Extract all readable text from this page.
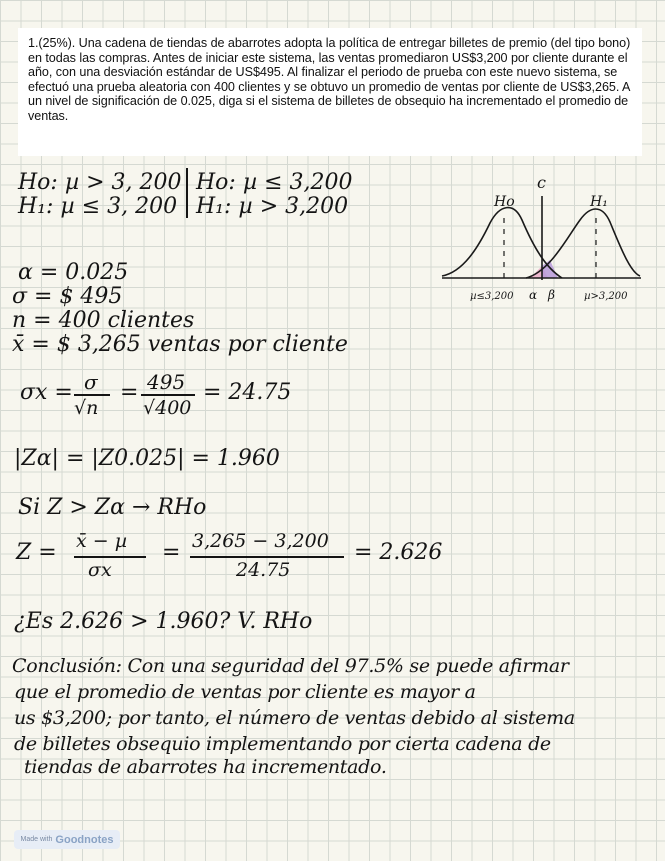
1.(25%). Una cadena de tiendas de abarrotes adopta la política de entregar billetes de premio (del tipo bono) en todas las compras. Antes de iniciar este sistema, las ventas promediaron US$3,200 por cliente durante el año, con una desviación estándar de US$495. Al finalizar el periodo de prueba con este nuevo sistema, se efectuó una prueba aleatoria con 400 clientes y se obtuvo un promedio de ventas por cliente de US$3,265. A un nivel de significación de 0.025, diga si el sistema de billetes de obsequio ha incrementado el promedio de ventas.

Ho: µ > 3, 200
H₁: µ ≤ 3, 200
Ho: µ ≤ 3,200
H₁: µ > 3,200
c
Ho	H₁
µ≤3,200 α β	µ>3,200
α = 0.025
σ = $ 495
n = 400 clientes
x̄ = $ 3,265 ventas por cliente
σx = σ
√n
= 495
√400
= 24.75
|Zα| = |Z0.025| = 1.960
Si Z > Zα → RHo
Z = x̄ − µ
σx
= 3,265 − 3,200
24.75
= 2.626
¿Es 2.626 > 1.960? V. RHo
Conclusión: Con una seguridad del 97.5% se puede afirmar
que el promedio de ventas por cliente es mayor a
us $3,200; por tanto, el número de ventas debido al sistema
de billetes obsequio implementando por cierta cadena de
tiendas de abarrotes ha incrementado.
Made with Goodnotes
